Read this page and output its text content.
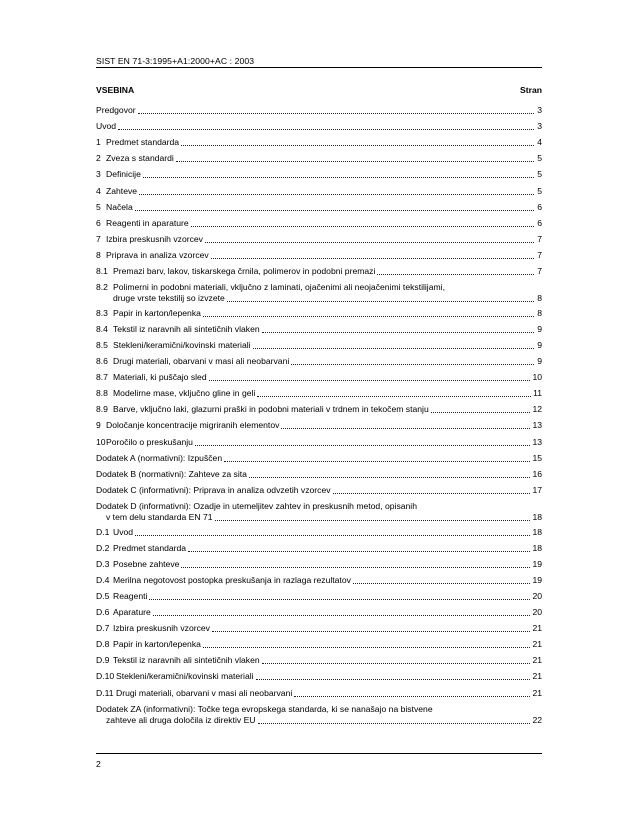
SIST EN 71-3:1995+A1:2000+AC : 2003
VSEBINA	Stran
Predgovor	3
Uvod	3
1 Predmet standarda	4
2 Zveza s standardi	5
3 Definicije	5
4 Zahteve	5
5 Načela	6
6 Reagenti in aparature	6
7 Izbira preskusnih vzorcev	7
8 Priprava in analiza vzorcev	7
8.1 Premazi barv, lakov, tiskarskega črnila, polimerov in podobni premazi	7
8.2 Polimerni in podobni materiali, vključno z laminati, ojačenimi ali neojačenimi tekstilijami,
druge vrste tekstilij so izvzete	8
8.3 Papir in karton/lepenka	8
8.4 Tekstil iz naravnih ali sintetičnih vlaken	9
8.5 Stekleni/keramični/kovinski materiali	9
8.6 Drugi materiali, obarvani v masi ali neobarvani	9
8.7 Materiali, ki puščajo sled	10
8.8 Modelirne mase, vključno gline in geli	11
8.9 Barve, vključno laki, glazurni praški in podobni materiali v trdnem in tekočem stanju	12
9 Določanje koncentracije migriranih elementov	13
10 Poročilo o preskušanju	13
Dodatek A (normativni): Izpuščen	15
Dodatek B (normativni): Zahteve za sita	16
Dodatek C (informativni): Priprava in analiza odvzetih vzorcev	17
Dodatek D (informativni): Ozadje in utemeljitev zahtev in preskusnih metod, opisanih
v tem delu standarda EN 71	18
D.1 Uvod	18
D.2 Predmet standarda	18
D.3 Posebne zahteve	19
D.4 Merilna negotovost postopka preskušanja in razlaga rezultatov	19
D.5 Reagenti	20
D.6 Aparature	20
D.7 Izbira preskusnih vzorcev	21
D.8 Papir in karton/lepenka	21
D.9 Tekstil iz naravnih ali sintetičnih vlaken	21
D.10 Stekleni/keramični/kovinski materiali	21
D.11 Drugi materiali, obarvani v masi ali neobarvani	21
Dodatek ZA (informativni): Točke tega evropskega standarda, ki se nanašajo na bistvene
zahteve ali druga določila iz direktiv EU	22
2
